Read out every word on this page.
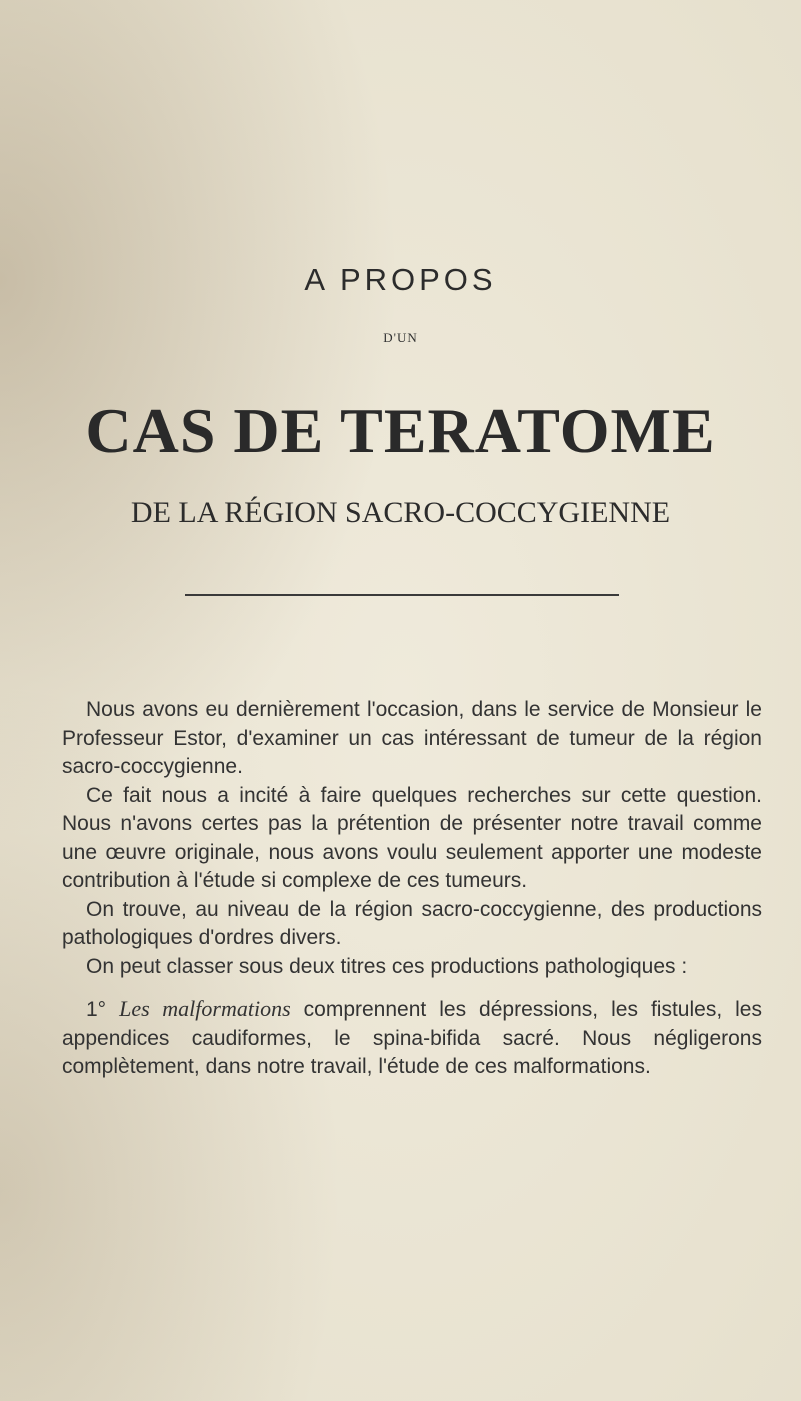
A PROPOS
D'UN
CAS DE TERATOME
DE LA RÉGION SACRO-COCCYGIENNE

Nous avons eu dernièrement l'occasion, dans le service de Monsieur le Professeur Estor, d'examiner un cas intéressant de tumeur de la région sacro-coccygienne.

Ce fait nous a incité à faire quelques recherches sur cette question. Nous n'avons certes pas la prétention de présenter notre travail comme une œuvre originale, nous avons voulu seulement apporter une modeste contribution à l'étude si complexe de ces tumeurs.

On trouve, au niveau de la région sacro-coccygienne, des productions pathologiques d'ordres divers.

On peut classer sous deux titres ces productions pathologiques :

1° Les malformations comprennent les dépressions, les fistules, les appendices caudiformes, le spina-bifida sacré. Nous négligerons complètement, dans notre travail, l'étude de ces malformations.
